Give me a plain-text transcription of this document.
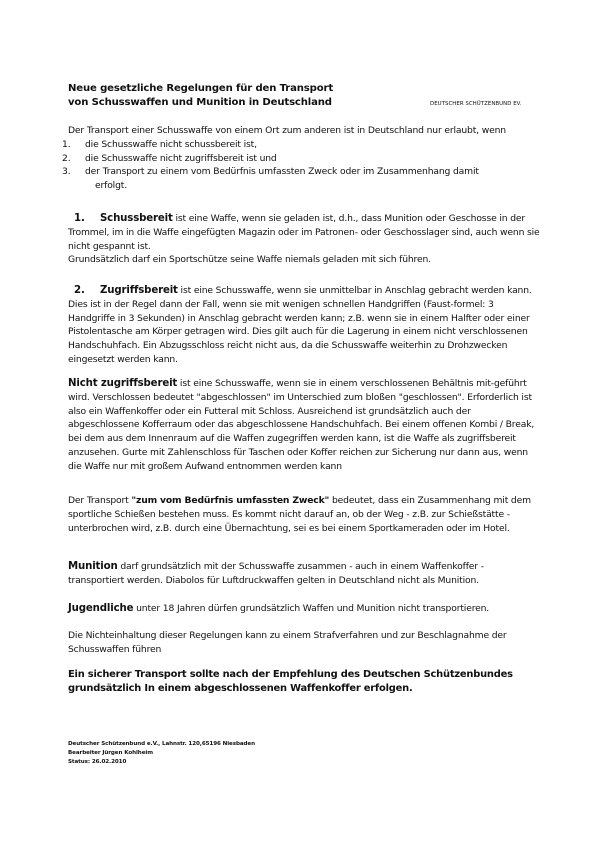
Neue gesetzliche Regelungen für den Transport
von Schusswaffen und Munition in Deutschland	DEUTSCHER SCHÜTZENBUND EV.
Der Transport einer Schusswaffe von einem Ort zum anderen ist in Deutschland nur erlaubt, wenn
1. die Schusswaffe nicht schussbereit ist,
2. die Schusswaffe nicht zugriffsbereit ist und
3. der Transport zu einem vom Bedürfnis umfassten Zweck oder im Zusammenhang damit
erfolgt.
1. Schussbereit ist eine Waffe, wenn sie geladen ist, d.h., dass Munition oder Geschosse in der Trommel, im in die Waffe eingefügten Magazin oder im Patronen- oder Geschosslager sind, auch wenn sie nicht gespannt ist.
Grundsätzlich darf ein Sportschütze seine Waffe niemals geladen mit sich führen.
2. Zugriffsbereit ist eine Schusswaffe, wenn sie unmittelbar in Anschlag gebracht werden kann. Dies ist in der Regel dann der Fall, wenn sie mit wenigen schnellen Handgriffen (Faust-formel: 3 Handgriffe in 3 Sekunden) in Anschlag gebracht werden kann; z.B. wenn sie in einem Halfter oder einer Pistolentasche am Körper getragen wird. Dies gilt auch für die Lagerung in einem nicht verschlossenen Handschuhfach. Ein Abzugsschloss reicht nicht aus, da die Schusswaffe weiterhin zu Drohzwecken eingesetzt werden kann.
Nicht zugriffsbereit ist eine Schusswaffe, wenn sie in einem verschlossenen Behältnis mit-geführt wird. Verschlossen bedeutet "abgeschlossen" im Unterschied zum bloßen "geschlossen". Erforderlich ist also ein Waffenkoffer oder ein Futteral mit Schloss. Ausreichend ist grundsätzlich auch der abgeschlossene Kofferraum oder das abgeschlossene Handschuhfach. Bei einem offenen Kombi / Break, bei dem aus dem Innenraum auf die Waffen zugegriffen werden kann, ist die Waffe als zugriffsbereit anzusehen. Gurte mit Zahlenschloss für Taschen oder Koffer reichen zur Sicherung nur dann aus, wenn die Waffe nur mit großem Aufwand entnommen werden kann
Der Transport "zum vom Bedürfnis umfassten Zweck" bedeutet, dass ein Zusammenhang mit dem sportliche Schießen bestehen muss. Es kommt nicht darauf an, ob der Weg - z.B. zur Schießstätte - unterbrochen wird, z.B. durch eine Übernachtung, sei es bei einem Sportkameraden oder im Hotel.
Munition darf grundsätzlich mit der Schusswaffe zusammen - auch in einem Waffenkoffer - transportiert werden. Diabolos für Luftdruckwaffen gelten in Deutschland nicht als Munition.
Jugendliche unter 18 Jahren dürfen grundsätzlich Waffen und Munition nicht transportieren.
Die Nichteinhaltung dieser Regelungen kann zu einem Strafverfahren und zur Beschlagnahme der Schusswaffen führen
Ein sicherer Transport sollte nach der Empfehlung des Deutschen Schützenbundes grundsätzlich In einem abgeschlossenen Waffenkoffer erfolgen.
Deutscher Schützenbund e.V., Lahnstr. 120,65196 Niesbaden
Bearbeiter Jürgen Kohlheim
Status: 26.02.2010
